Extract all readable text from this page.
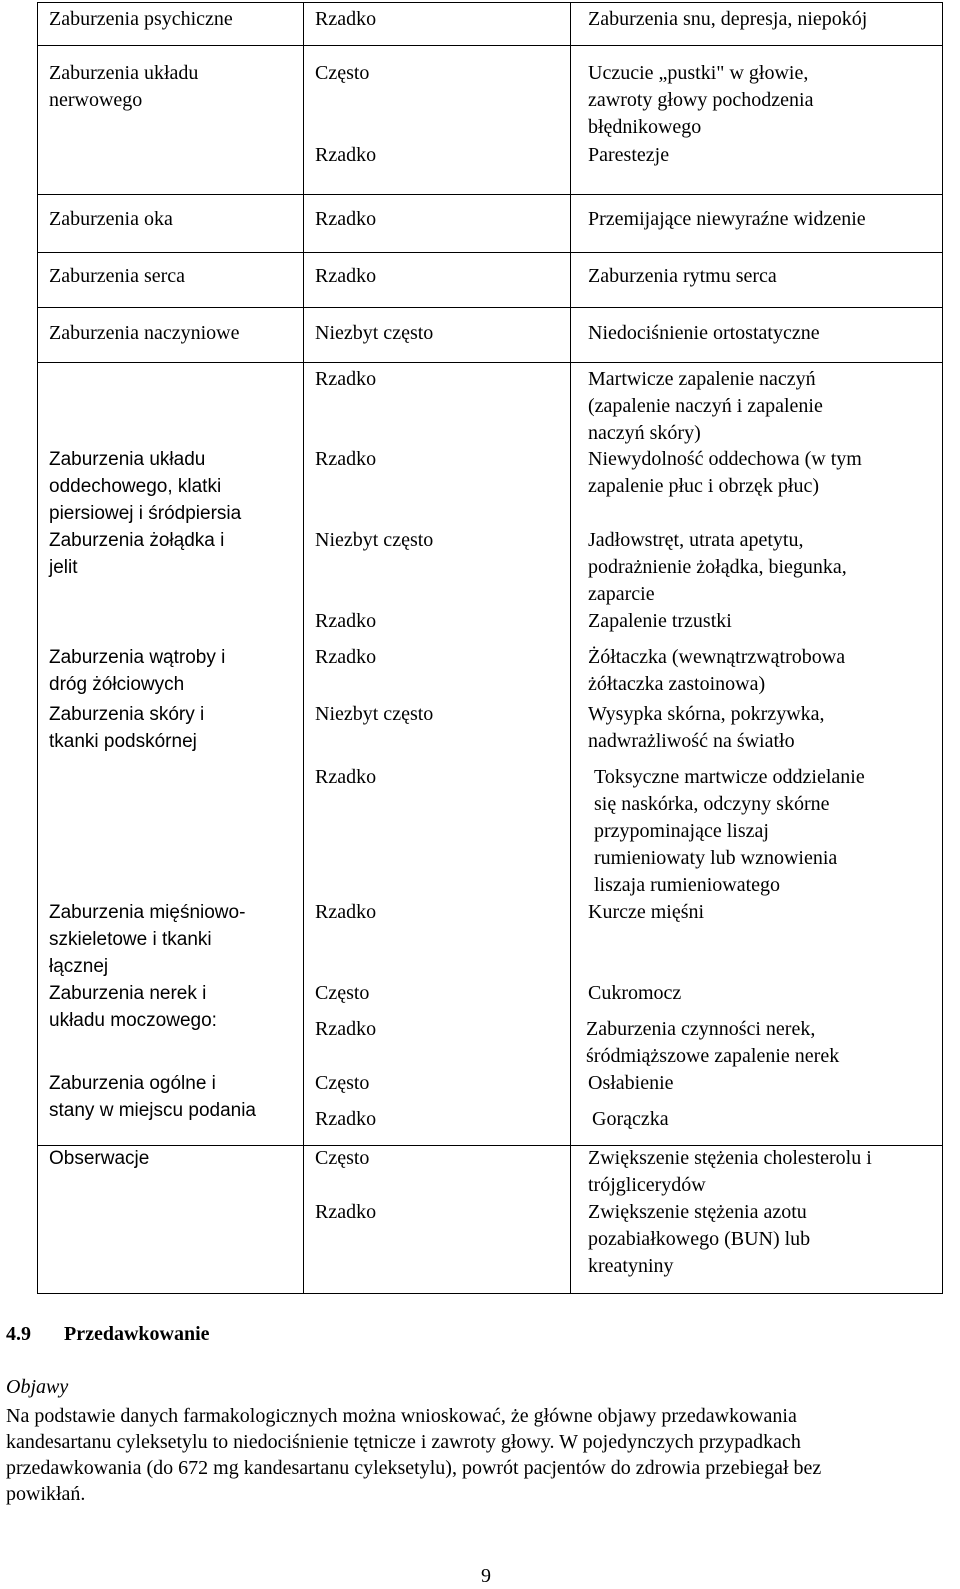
Zaburzenia psychiczne
Zaburzenia układu
nerwowego
Zaburzenia oka
Zaburzenia serca
Zaburzenia naczyniowe
Zaburzenia układu
oddechowego, klatki
piersiowej i śródpiersia
Zaburzenia żołądka i
jelit
Zaburzenia wątroby i
dróg żółciowych
Zaburzenia skóry i
tkanki podskórnej
Zaburzenia mięśniowo-
szkieletowe i tkanki
łącznej
Zaburzenia nerek i
układu moczowego:
Zaburzenia ogólne i
stany w miejscu podania
Obserwacje
Rzadko
Często
Rzadko
Rzadko
Rzadko
Niezbyt często
Rzadko
Rzadko
Niezbyt często
Rzadko
Rzadko
Niezbyt często
Rzadko
Rzadko
Często
Rzadko
Często
Rzadko
Często
Rzadko
Zaburzenia snu, depresja, niepokój
Uczucie „pustki" w głowie,
zawroty głowy pochodzenia
błędnikowego
Parestezje
Przemijające niewyraźne widzenie
Zaburzenia rytmu serca
Niedociśnienie ortostatyczne
Martwicze zapalenie naczyń
(zapalenie naczyń i zapalenie
naczyń skóry)
Niewydolność oddechowa (w tym
zapalenie płuc i obrzęk płuc)
Jadłowstręt, utrata apetytu,
podrażnienie żołądka, biegunka,
zaparcie
Zapalenie trzustki
Żółtaczka (wewnątrzwątrobowa
żółtaczka zastoinowa)
Wysypka skórna, pokrzywka,
nadwrażliwość na światło
Toksyczne martwicze oddzielanie
się naskórka, odczyny skórne
przypominające liszaj
rumieniowaty lub wznowienia
liszaja rumieniowatego
Kurcze mięśni
Cukromocz
Zaburzenia czynności nerek,
śródmiąższowe zapalenie nerek
Osłabienie
Gorączka
Zwiększenie stężenia cholesterolu i
trójglicerydów
Zwiększenie stężenia azotu
pozabiałkowego (BUN) lub
kreatyniny
4.9 Przedawkowanie
Objawy
Na podstawie danych farmakologicznych można wnioskować, że główne objawy przedawkowania
kandesartanu cyleksetylu to niedociśnienie tętnicze i zawroty głowy. W pojedynczych przypadkach
przedawkowania (do 672 mg kandesartanu cyleksetylu), powrót pacjentów do zdrowia przebiegał bez
powikłań.
9
